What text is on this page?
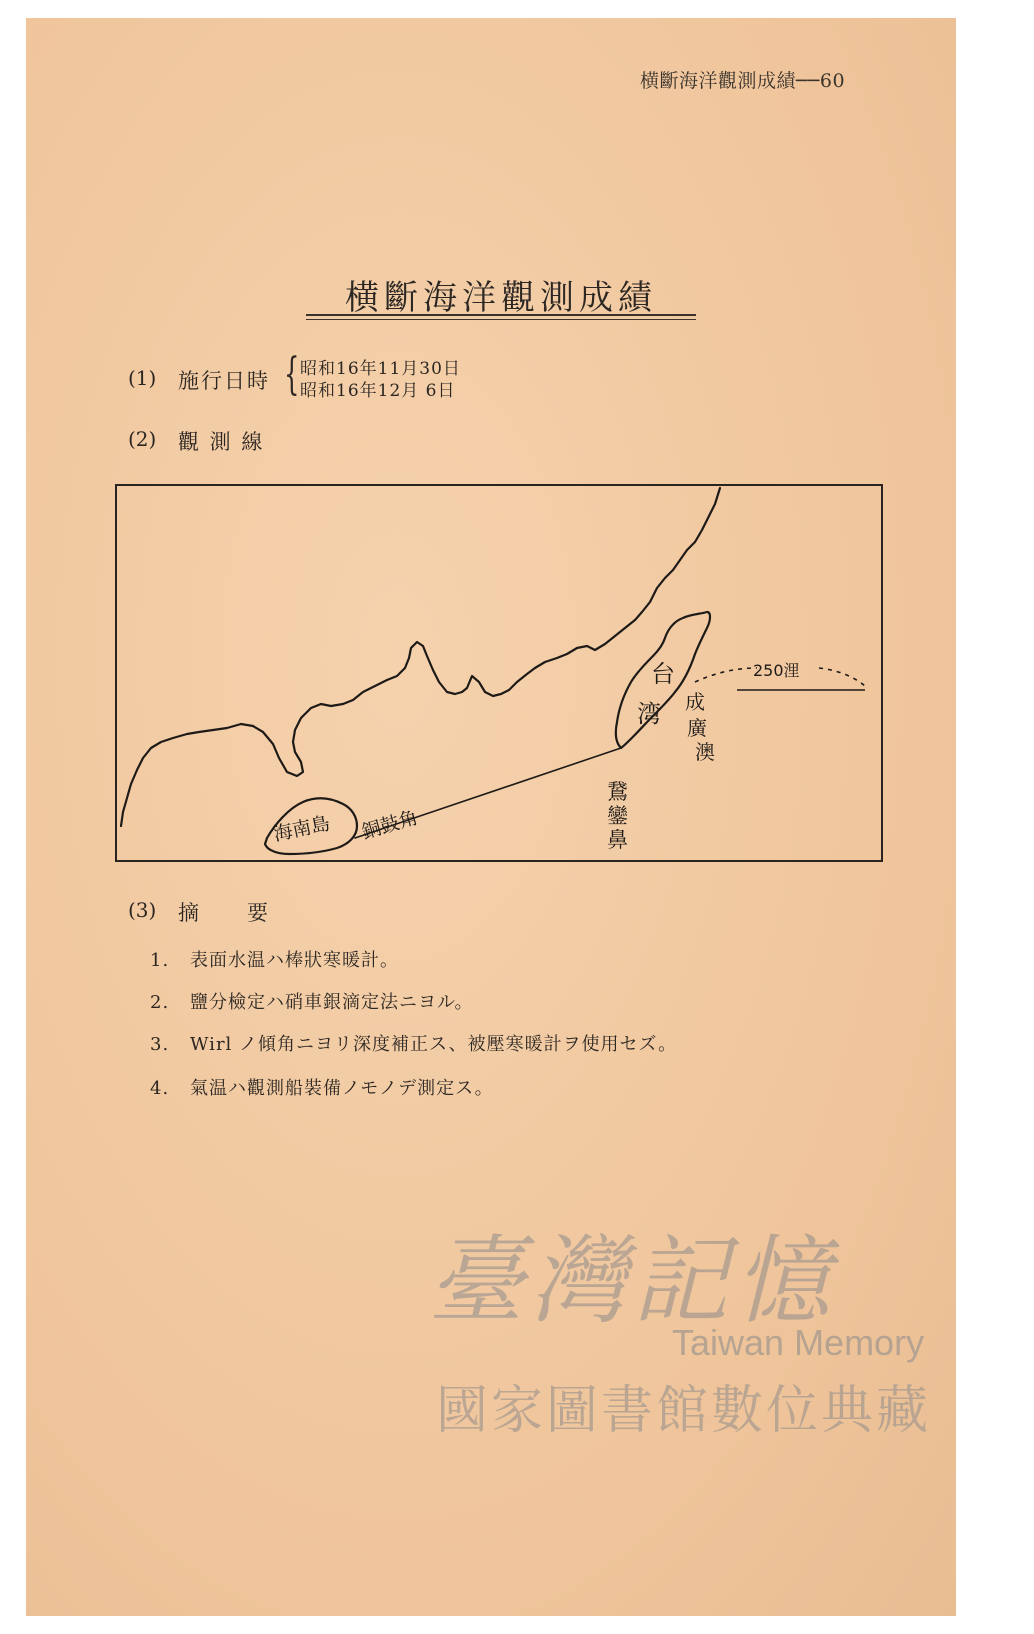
横斷海洋觀測成績──60
横斷海洋觀測成績
(1) 施行日時 { 昭和16年11月30日
昭和16年12月 6日
(2) 觀 測 線
台
湾 成
廣
澳
鵞
鑾
鼻
海南島 銅鼓角
250浬
(3) 摘　　要
1. 表面水温ハ棒狀寒暖計。
2. 鹽分檢定ハ硝車銀滴定法ニヨル。
3. Wirl ノ傾角ニヨリ深度補正ス、被壓寒暖計ヲ使用セズ。
4. 氣温ハ觀測船裝備ノモノデ測定ス。
臺灣記憶
Taiwan Memory
國家圖書館數位典藏
